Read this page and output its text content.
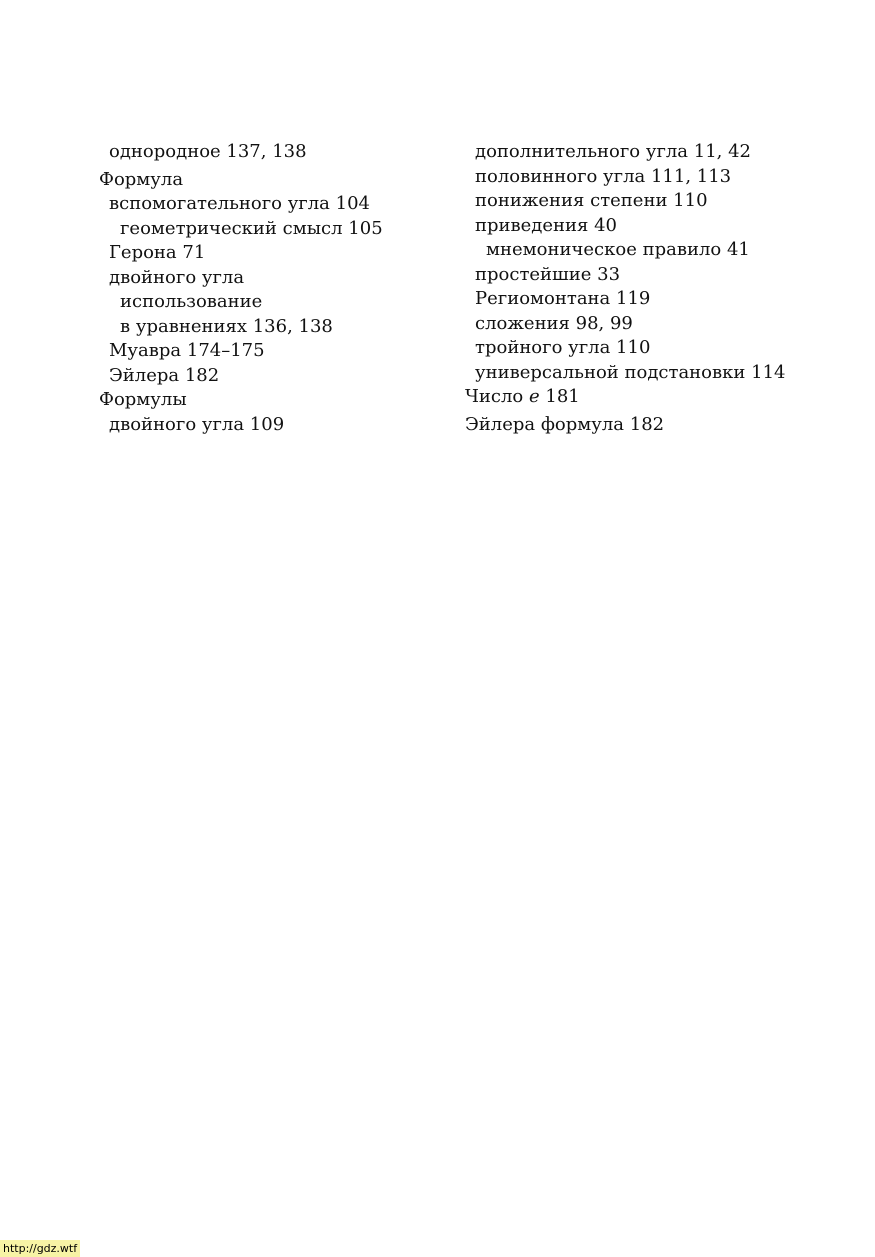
однородное 137, 138
Формула
вспомогательного угла 104
геометрический смысл 105
Герона 71
двойного угла
использование
в уравнениях 136, 138
Муавра 174–175
Эйлера 182
Формулы
двойного угла 109
дополнительного угла 11, 42
половинного угла 111, 113
понижения степени 110
приведения 40
мнемоническое правило 41
простейшие 33
Региомонтана 119
сложения 98, 99
тройного угла 110
универсальной подстановки 114
Число e 181
Эйлера формула 182
http://gdz.wtf
